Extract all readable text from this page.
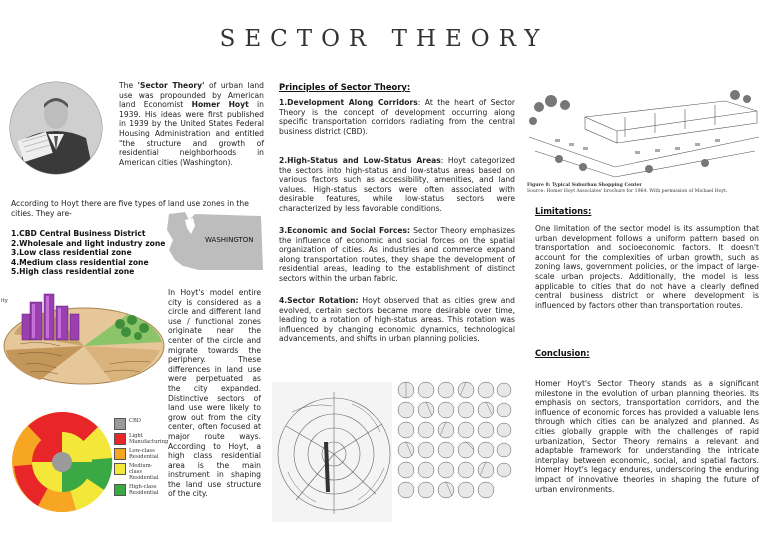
SECTOR THEORY
The 'Sector Theory' of urban land use was propounded by American land Economist Homer Hoyt in 1939. His ideas were first published in 1939 by the United States Federal Housing Administration and entitled "the structure and growth of residential neighborhoods in American cities (Washington).
According to Hoyt there are five types of land use zones in the cities. They are-
1.CBD Central Business District
2.Wholesale and light industry zone
3.Low class residential zone
4.Medium class residential zone
5.High class residential zone
WASHINGTON
ity
CBD
Light Manufacturing
Low-class Residential
Medium-class Residential
High-class Residential
In Hoyt's model entire city is considered as a circle and different land use / functional zones originate near the center of the circle and migrate towards the periphery. These differences in land use were perpetuated as the city expanded. Distinctive sectors of land use were likely to grow out from the city center, often focused at major route ways. According to Hoyt, a high class residential area is the main instrument in shaping the land use structure of the city.
Principles of Sector Theory:
1.Development Along Corridors: At the heart of Sector Theory is the concept of development occurring along specific transportation corridors radiating from the central business district (CBD).
2.High-Status and Low-Status Areas: Hoyt categorized the sectors into high-status and low-status areas based on various factors such as accessibility, amenities, and land values. High-status sectors were often associated with desirable features, while low-status sectors were characterized by less favorable conditions.
3.Economic and Social Forces: Sector Theory emphasizes the influence of economic and social forces on the spatial organization of cities. As industries and commerce expand along transportation routes, they shape the development of residential areas, leading to the establishment of distinct sectors within the urban fabric.
4.Sector Rotation: Hoyt observed that as cities grew and evolved, certain sectors became more desirable over time, leading to a rotation of high-status areas. This rotation was influenced by changing economic dynamics, technological advancements, and shifts in urban planning policies.
Figure 8: Typical Suburban Shopping Center
Source: Homer Hoyt Associates' brochure for 1964. With permission of Michael Hoyt.
Limitations:
One limitation of the sector model is its assumption that urban development follows a uniform pattern based on transportation and socioeconomic factors. It doesn't account for the complexities of urban growth, such as zoning laws, government policies, or the impact of large-scale urban projects. Additionally, the model is less applicable to cities that do not have a clearly defined central business district or where development is influenced by factors other than transportation routes.
Conclusion:
Homer Hoyt's Sector Theory stands as a significant milestone in the evolution of urban planning theories. Its emphasis on sectors, transportation corridors, and the influence of economic forces has provided a valuable lens through which cities can be analyzed and planned. As cities globally grapple with the challenges of rapid urbanization, Sector Theory remains a relevant and adaptable framework for understanding the intricate interplay between economic, social, and spatial factors. Homer Hoyt's legacy endures, underscoring the enduring impact of innovative theories in shaping the future of urban environments.
